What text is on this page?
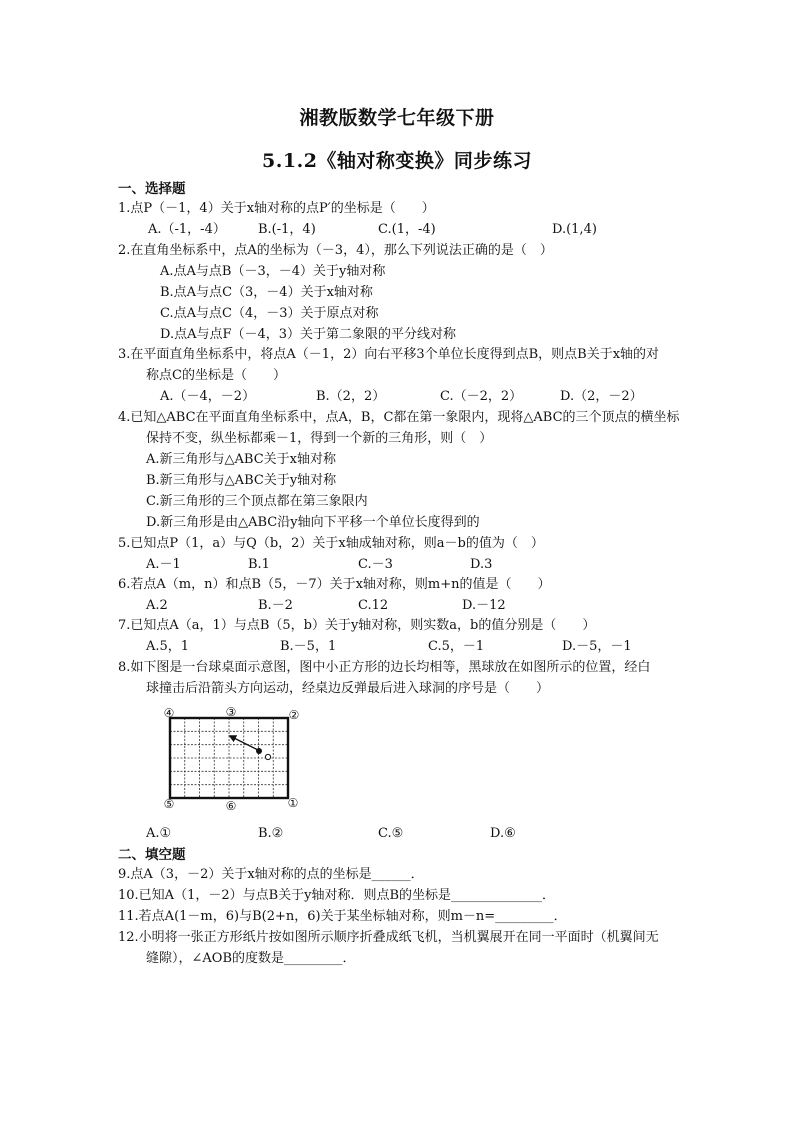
湘教版数学七年级下册
5.1.2《轴对称变换》同步练习
一、选择题
1.点P（－1，4）关于x轴对称的点P′的坐标是（　　）
A.（-1，-4） B.(-1，4)	C.(1，-4)	D.(1,4)
2.在直角坐标系中，点A的坐标为（－3，4），那么下列说法正确的是（　）
A.点A与点B（－3，－4）关于y轴对称
B.点A与点C（3，－4）关于x轴对称
C.点A与点C（4，－3）关于原点对称
D.点A与点F（－4，3）关于第二象限的平分线对称
3.在平面直角坐标系中，将点A（－1，2）向右平移3个单位长度得到点B，则点B关于x轴的对
称点C的坐标是（　　）
A.（－4，－2）	B.（2，2）	C.（－2，2）	D.（2，－2）
4.已知△ABC在平面直角坐标系中，点A，B，C都在第一象限内，现将△ABC的三个顶点的横坐标
保持不变，纵坐标都乘－1，得到一个新的三角形，则（　）
A.新三角形与△ABC关于x轴对称
B.新三角形与△ABC关于y轴对称
C.新三角形的三个顶点都在第三象限内
D.新三角形是由△ABC沿y轴向下平移一个单位长度得到的
5.已知点P（1，a）与Q（b，2）关于x轴成轴对称，则a－b的值为（　）
A.－1	B.1	C.－3	D.3
6.若点A（m，n）和点B（5，－7）关于x轴对称，则m+n的值是（　　）
A.2	B.－2	C.12	D.－12
7.已知点A（a，1）与点B（5，b）关于y轴对称，则实数a，b的值分别是（　　）
A.5，1	B.－5，1	C.5，－1	D.－5，－1
8.如下图是一台球桌面示意图，图中小正方形的边长均相等，黑球放在如图所示的位置，经白
球撞击后沿箭头方向运动，经桌边反弹最后进入球洞的序号是（　　）
①
②
③
④
⑤	⑥
A.①	B.②	C.⑤	D.⑥
二、填空题
9.点A（3，－2）关于x轴对称的点的坐标是______．
10.已知A（1，－2）与点B关于y轴对称．则点B的坐标是______________．
11.若点A(1－m，6)与B(2+n，6)关于某坐标轴对称，则m－n=_________．
12.小明将一张正方形纸片按如图所示顺序折叠成纸飞机，当机翼展开在同一平面时（机翼间无
缝隙），∠AOB的度数是_________．
